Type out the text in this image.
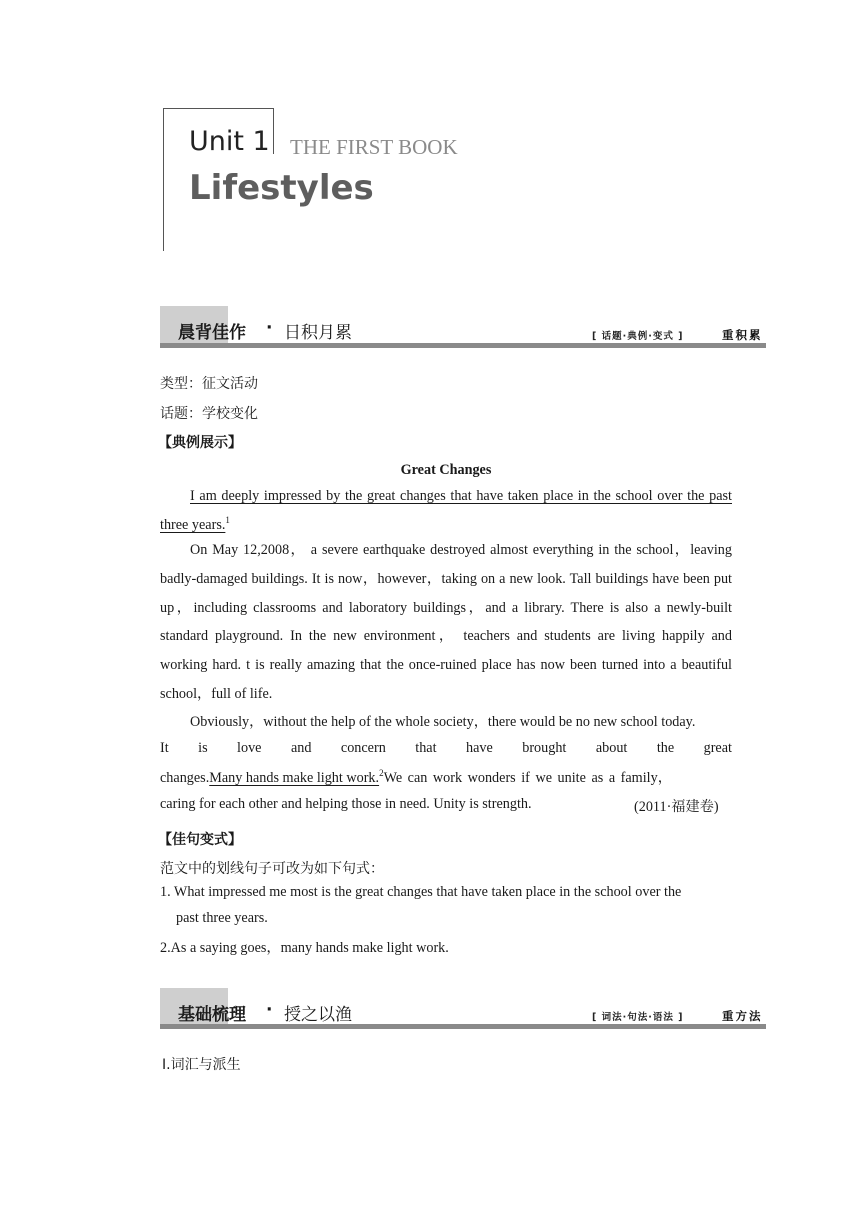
Unit 1 THE FIRST BOOK
Lifestyles
晨背佳作 · 日积月累	[ 话题·典例·变式 ]	重积累
类型：征文活动
话题：学校变化
【典例展示】
Great Changes
I am deeply impressed by the great changes that have taken place in the school over the past three years.$^1$
On May 12,2008， a severe earthquake destroyed almost everything in the school，leaving badly-damaged buildings. It is now，however，taking on a new look. Tall buildings have been put up，including classrooms and laboratory buildings，and a library. There is also a newly-built standard playground. In the new environment， teachers and students are living happily and working hard. t is really amazing that the once-ruined place has now been turned into a beautiful school，full of life.
Obviously，without the help of the whole society，there would be no new school today.
It is love and concern that have brought about the great
changes.Many hands make light work.$^2$We can work wonders if we unite as a family，
caring for each other and helping those in need. Unity is strength.	(2011·福建卷)
【佳句变式】
范文中的划线句子可改为如下句式：
1. What impressed me most is the great changes that have taken place in the school over the
past three years.
2.As a saying goes，many hands make light work.
基础梳理 · 授之以渔	[ 词法·句法·语法 ]	重方法
Ⅰ.词汇与派生
